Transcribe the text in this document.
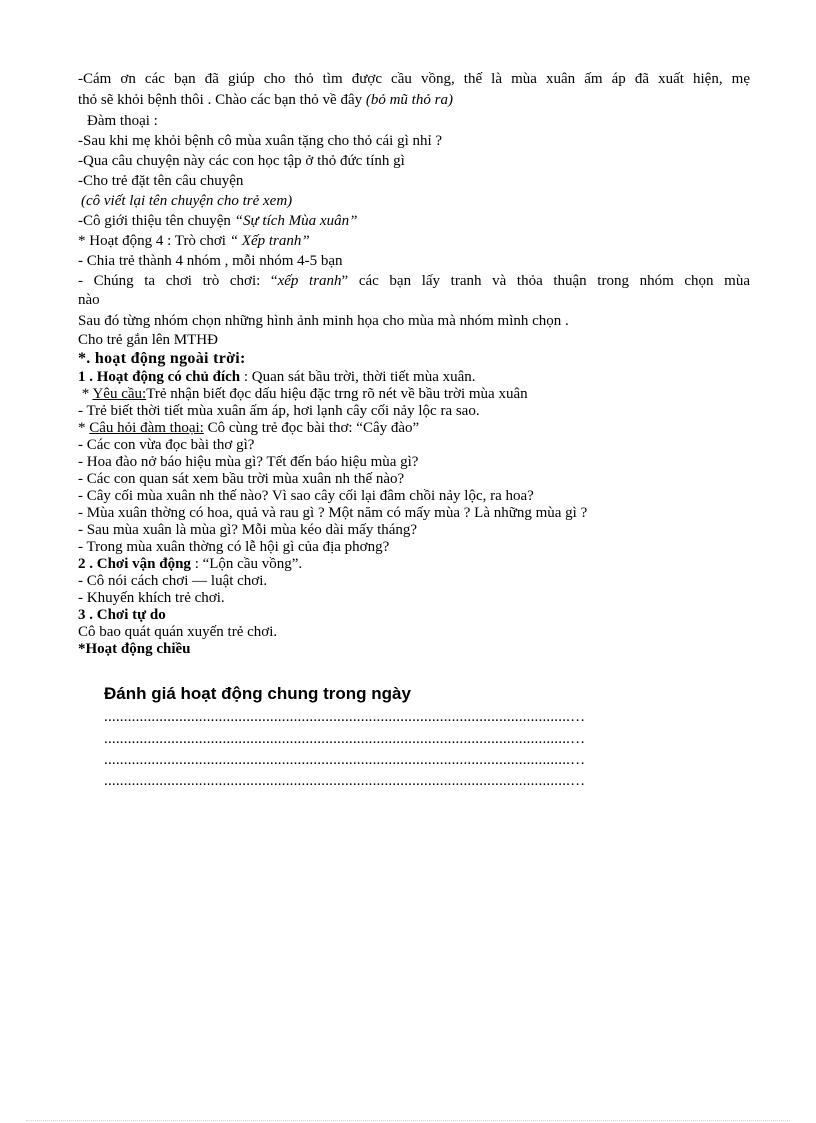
-Cám ơn các bạn đã giúp cho thỏ tìm được cầu vồng, thế là mùa xuân ấm áp đã xuất hiện, mẹ
thỏ sẽ khỏi bệnh thôi . Chào các bạn thỏ về đây (bỏ mũ thỏ ra)
Đàm thoại :
-Sau khi mẹ khỏi bệnh cô mùa xuân tặng cho thỏ cái gì nhỉ ?
-Qua câu chuyện này các con học tập ở thỏ đức tính gì
-Cho trẻ đặt tên câu chuyện
(cô viết lại tên chuyện cho trẻ xem)
-Cô giới thiệu tên chuyện “Sự tích Mùa xuân”
* Hoạt động 4 : Trò chơi “ Xếp tranh”
- Chia trẻ thành 4 nhóm , mỗi nhóm 4-5 bạn
- Chúng ta chơi trò chơi: “xếp tranh” các bạn lấy tranh và thỏa thuận trong nhóm chọn mùa
nào
Sau đó từng nhóm chọn những hình ảnh minh họa cho mùa mà nhóm mình chọn .
Cho trẻ gắn lên MTHĐ
*. hoạt động ngoài trời:
1 . Hoạt động có chủ đích : Quan sát bầu trời, thời tiết mùa xuân.
* Yêu cầu:Trẻ nhận biết đọc dấu hiệu đặc trng rõ nét về bầu trời mùa xuân
- Trẻ biết thời tiết mùa xuân ấm áp, hơi lạnh cây cối nảy lộc ra sao.
* Câu hỏi đàm thoại: Cô cùng trẻ đọc bài thơ: “Cây đào”
- Các con vừa đọc bài thơ gì?
- Hoa đào nở báo hiệu mùa gì? Tết đến báo hiệu mùa gì?
- Các con quan sát xem bầu trời mùa xuân nh thế nào?
- Cây cối mùa xuân nh thế nào? Vì sao cây cối lại đâm chồi nảy lộc, ra hoa?
- Mùa xuân thờng có hoa, quả và rau gì ? Một năm có mấy mùa ? Là những mùa gì ?
- Sau mùa xuân là mùa gì? Mỗi mùa kéo dài mấy tháng?
- Trong mùa xuân thờng có lễ hội gì của địa phơng?
2 . Chơi vận động : “Lộn cầu vồng”.
- Cô nói cách chơi — luật chơi.
- Khuyến khích trẻ chơi.
3 . Chơi tự do
Cô bao quát quán xuyến trẻ chơi.
*Hoạt động chiều
Đánh giá hoạt động chung trong ngày
......................................................................................................................…
......................................................................................................................…
......................................................................................................................…
......................................................................................................................…
